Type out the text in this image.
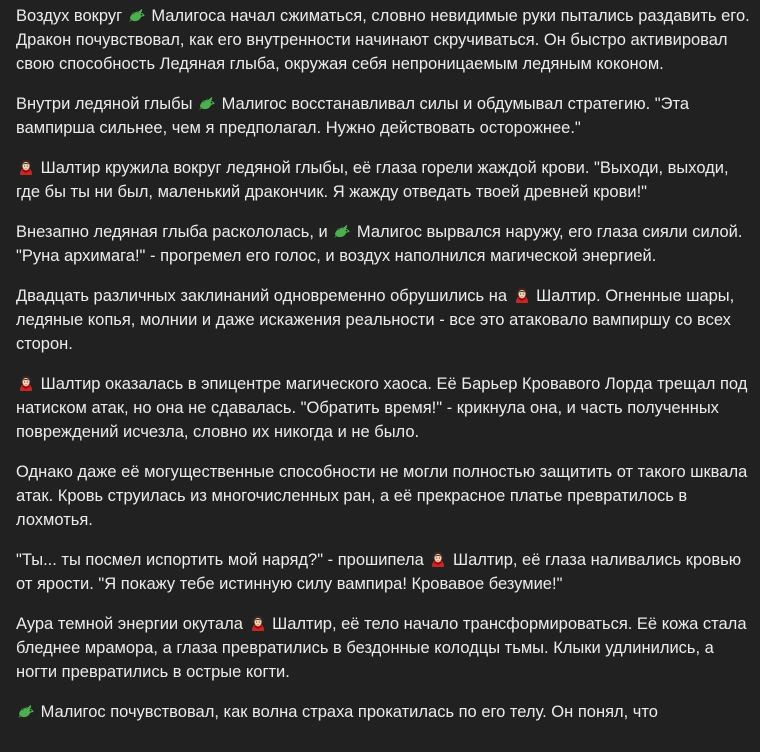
Воздух вокруг
Малигоса начал сжиматься, словно невидимые руки пытались раздавить его. Дракон почувствовал, как его внутренности начинают скручиваться. Он быстро активировал свою способность Ледяная глыба, окружая себя непроницаемым ледяным коконом.

Внутри ледяной глыбы
Малигос восстанавливал силы и обдумывал стратегию. "Эта вампирша сильнее, чем я предполагал. Нужно действовать осторожнее."

Шалтир кружила вокруг ледяной глыбы, её глаза горели жаждой крови. "Выходи, выходи, где бы ты ни был, маленький дракончик. Я жажду отведать твоей древней крови!"

Внезапно ледяная глыба раскололась, и
Малигос вырвался наружу, его глаза сияли силой. "Руна архимага!" - прогремел его голос, и воздух наполнился магической энергией.

Двадцать различных заклинаний одновременно обрушились на
Шалтир. Огненные шары, ледяные копья, молнии и даже искажения реальности - все это атаковало вампиршу со всех сторон.

Шалтир оказалась в эпицентре магического хаоса. Её Барьер Кровавого Лорда трещал под натиском атак, но она не сдавалась. "Обратить время!" - крикнула она, и часть полученных повреждений исчезла, словно их никогда и не было.

Однако даже её могущественные способности не могли полностью защитить от такого шквала атак. Кровь струилась из многочисленных ран, а её прекрасное платье превратилось в лохмотья.

"Ты... ты посмел испортить мой наряд?" - прошипела
Шалтир, её глаза наливались кровью от ярости. "Я покажу тебе истинную силу вампира! Кровавое безумие!"

Аура темной энергии окутала
Шалтир, её тело начало трансформироваться. Её кожа стала бледнее мрамора, а глаза превратились в бездонные колодцы тьмы. Клыки удлинились, а ногти превратились в острые когти.

Малигос почувствовал, как волна страха прокатилась по его телу. Он понял, что
